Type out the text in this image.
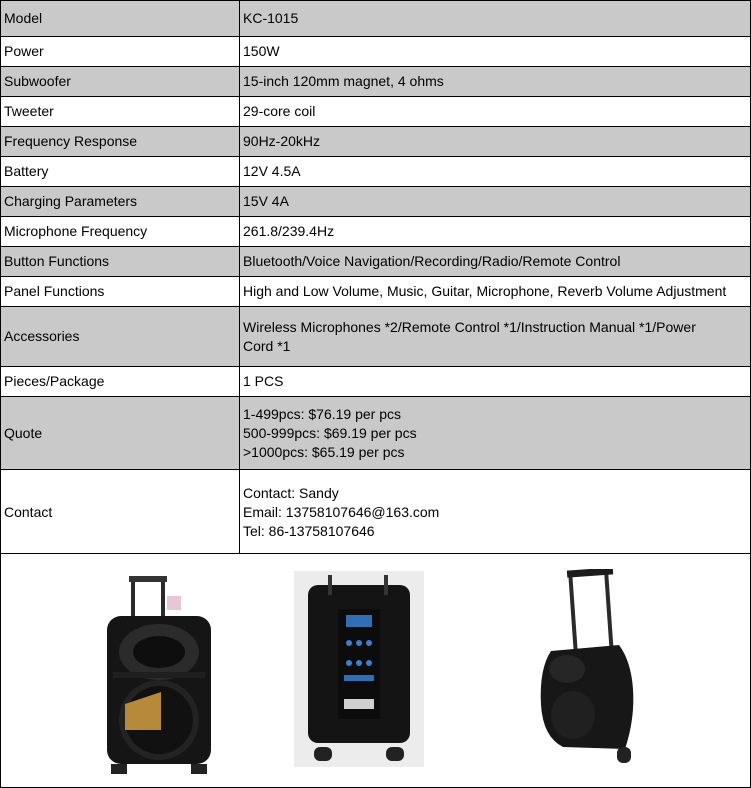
Model	KC-1015

Power	150W

Subwoofer	15-inch 120mm magnet, 4 ohms

Tweeter	29-core coil

Frequency Response	90Hz-20kHz

Battery	12V 4.5A

Charging Parameters	15V 4A

Microphone Frequency	261.8/239.4Hz

Button Functions	Bluetooth/Voice Navigation/Recording/Radio/Remote Control

Panel Functions	High and Low Volume, Music, Guitar, Microphone, Reverb Volume Adjustment

Accessories	Wireless Microphones *2/Remote Control *1/Instruction Manual *1/Power
Cord *1

Pieces/Package	1 PCS

Quote	1-499pcs: $76.19 per pcs
500-999pcs: $69.19 per pcs
>1000pcs: $65.19 per pcs

Contact	Contact: Sandy
Email: 13758107646@163.com
Tel: 86-13758107646
